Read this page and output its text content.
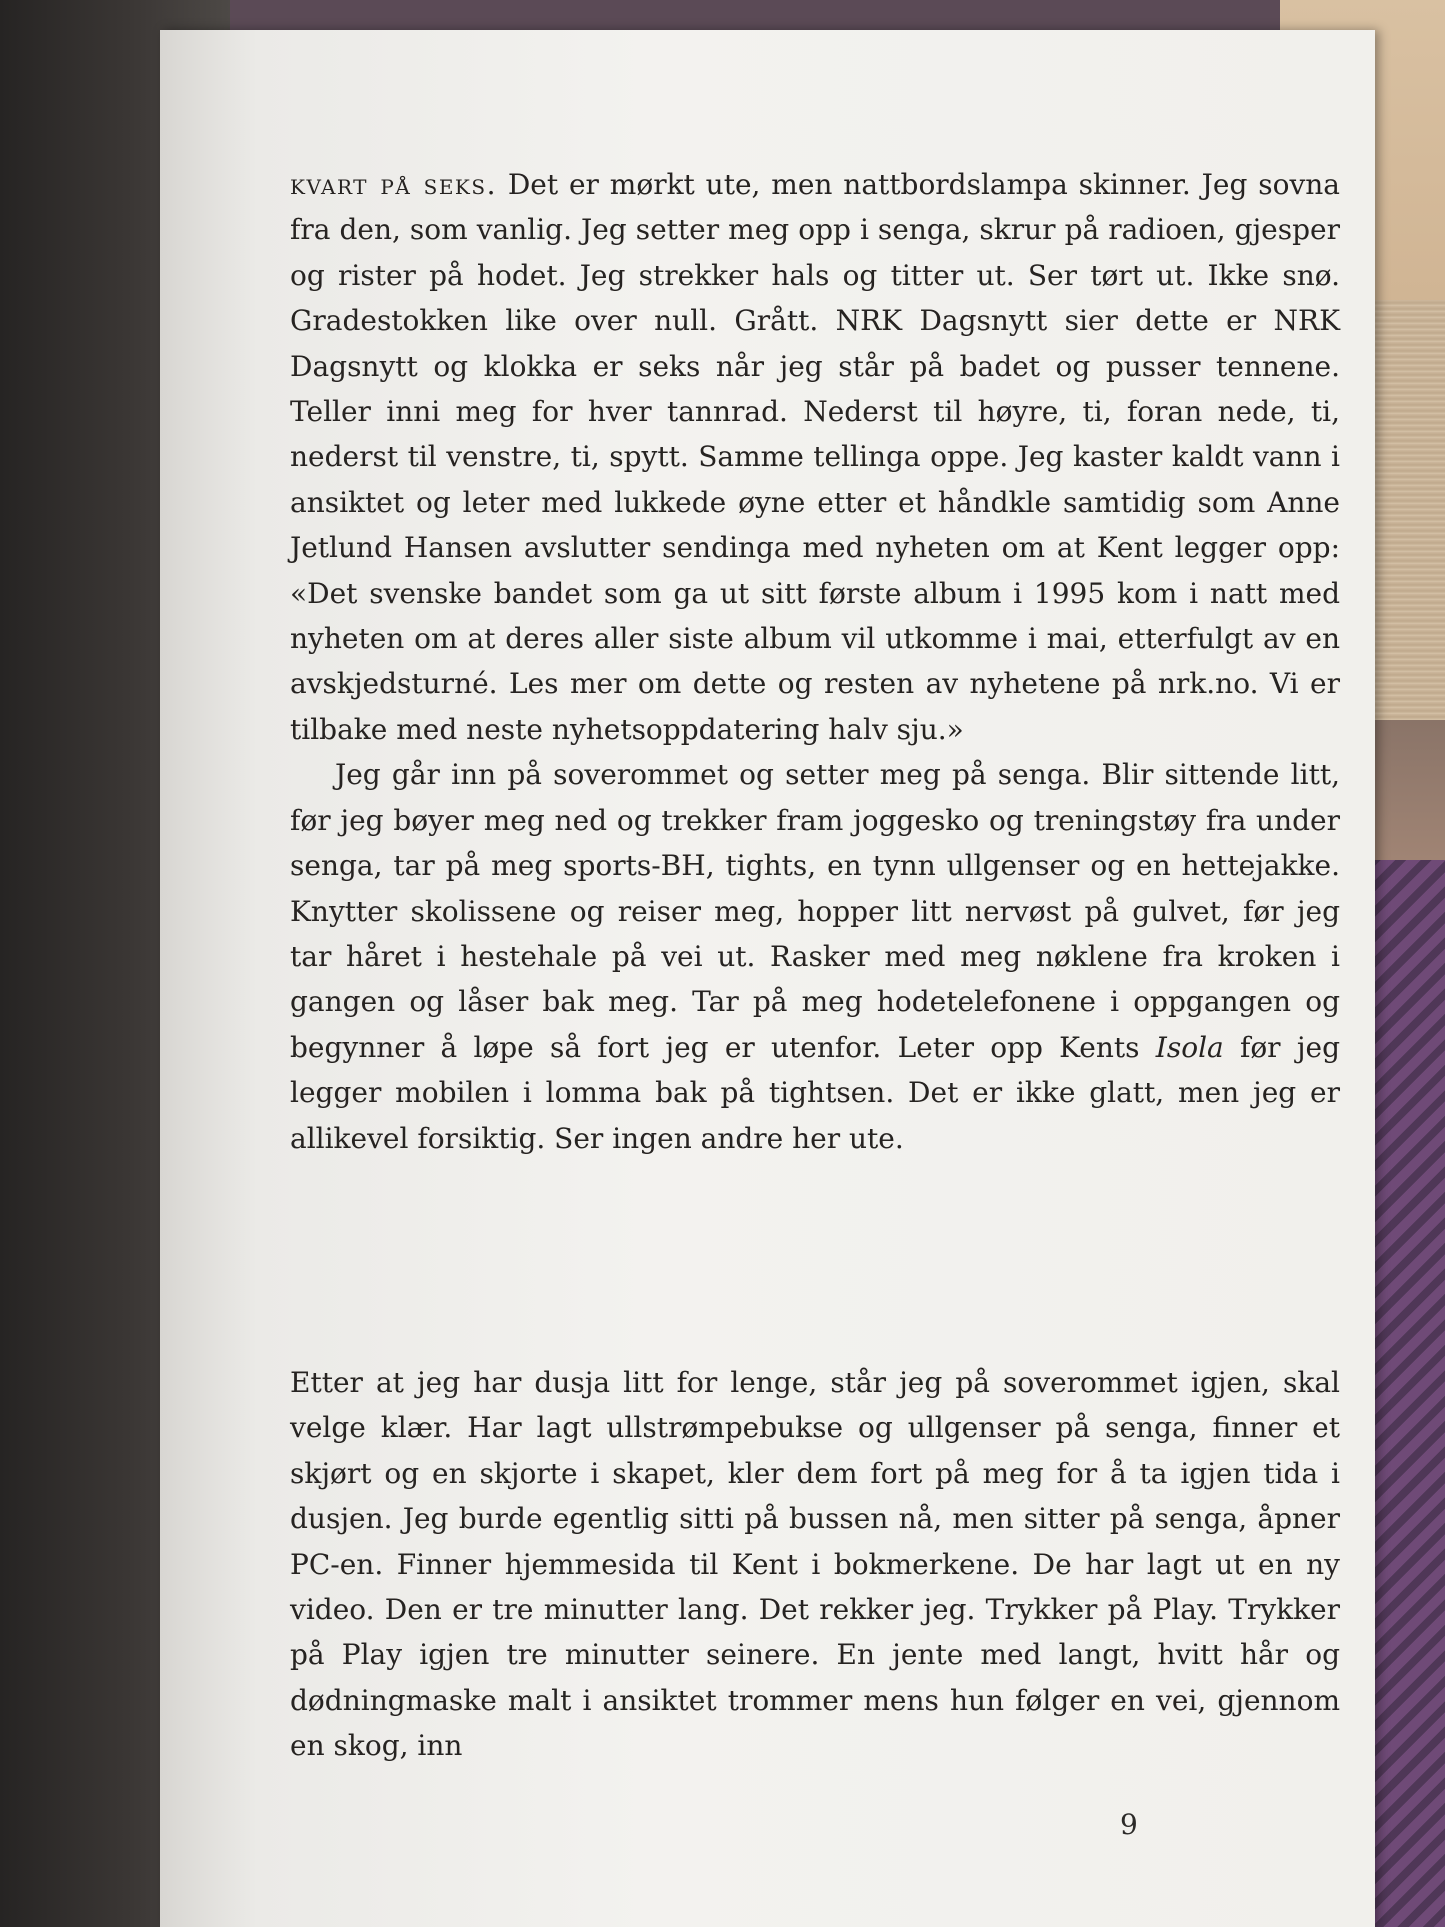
kvart på seks. Det er mørkt ute, men nattbordslampa skinner. Jeg sovna fra den, som vanlig. Jeg setter meg opp i senga, skrur på radioen, gjesper og rister på hodet. Jeg strekker hals og titter ut. Ser tørt ut. Ikke snø. Gradestokken like over null. Grått. NRK Dagsnytt sier dette er NRK Dagsnytt og klokka er seks når jeg står på badet og pusser tennene. Teller inni meg for hver tannrad. Nederst til høyre, ti, foran nede, ti, nederst til venstre, ti, spytt. Samme tellinga oppe. Jeg kaster kaldt vann i ansiktet og leter med lukkede øyne etter et håndkle samtidig som Anne Jetlund Hansen avslutter sendinga med nyheten om at Kent legger opp: «Det svenske bandet som ga ut sitt første album i 1995 kom i natt med nyheten om at deres aller siste album vil utkomme i mai, etterfulgt av en avskjedsturné. Les mer om dette og resten av nyhetene på nrk.no. Vi er tilbake med neste nyhetsoppdatering halv sju.»

Jeg går inn på soverommet og setter meg på senga. Blir sittende litt, før jeg bøyer meg ned og trekker fram joggesko og treningstøy fra under senga, tar på meg sports-BH, tights, en tynn ullgenser og en hettejakke. Knytter skolissene og reiser meg, hopper litt nervøst på gulvet, før jeg tar håret i hestehale på vei ut. Rasker med meg nøklene fra kroken i gangen og låser bak meg. Tar på meg hodetelefonene i oppgangen og begynner å løpe så fort jeg er utenfor. Leter opp Kents Isola før jeg legger mobilen i lomma bak på tightsen. Det er ikke glatt, men jeg er allikevel forsiktig. Ser ingen andre her ute.

Etter at jeg har dusja litt for lenge, står jeg på soverommet igjen, skal velge klær. Har lagt ullstrømpebukse og ullgenser på senga, finner et skjørt og en skjorte i skapet, kler dem fort på meg for å ta igjen tida i dusjen. Jeg burde egentlig sitti på bussen nå, men sitter på senga, åpner PC-en. Finner hjemmesida til Kent i bokmerkene. De har lagt ut en ny video. Den er tre minutter lang. Det rekker jeg. Trykker på Play. Trykker på Play igjen tre minutter seinere. En jente med langt, hvitt hår og dødningmaske malt i ansiktet trommer mens hun følger en vei, gjennom en skog, inn

9
